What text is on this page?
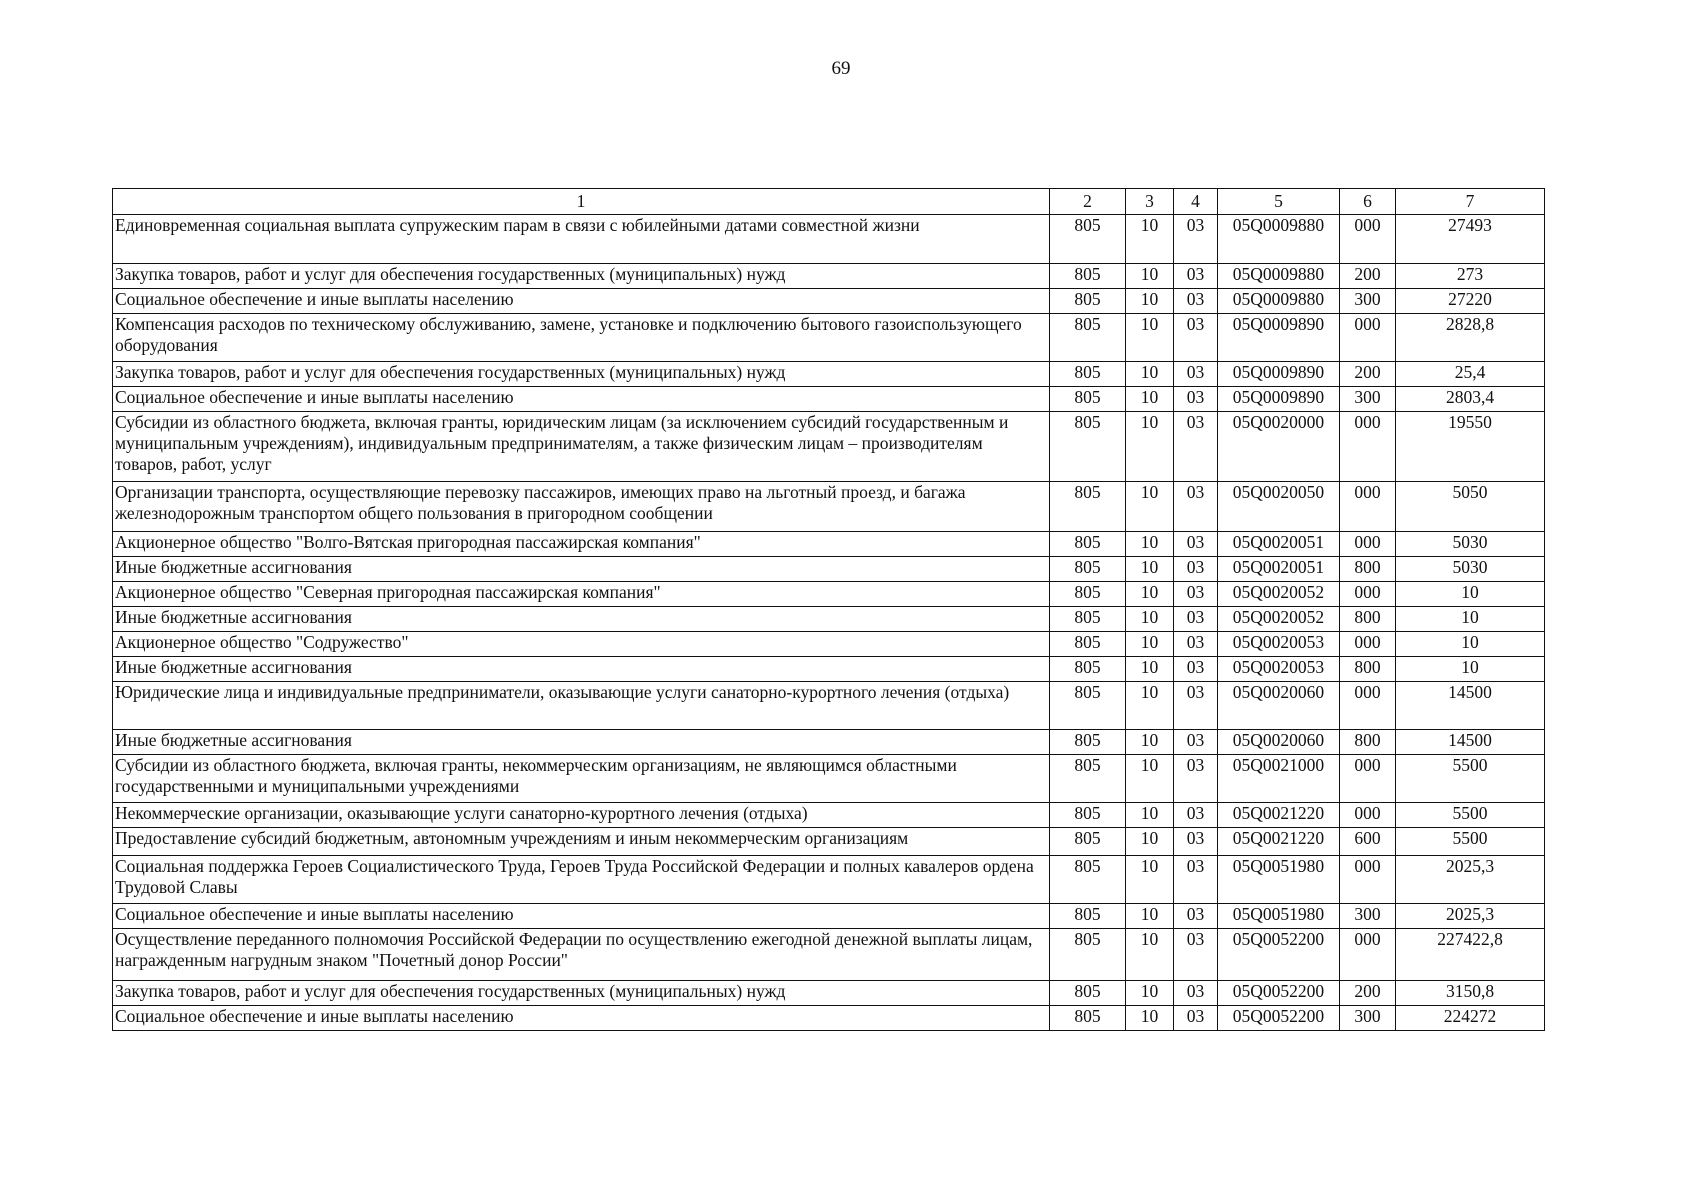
69
1	2	3	4	5	6	7
Единовременная социальная выплата супружеским парам в связи с юбилейными датами совместной жизни	805	10	03	05Q0009880	000	27493
Закупка товаров, работ и услуг для обеспечения государственных (муниципальных) нужд	805	10	03	05Q0009880	200	273
Социальное обеспечение и иные выплаты населению	805	10	03	05Q0009880	300	27220
Компенсация расходов по техническому обслуживанию, замене, установке и подключению бытового газоиспользующего оборудования	805	10	03	05Q0009890	000	2828,8
Закупка товаров, работ и услуг для обеспечения государственных (муниципальных) нужд	805	10	03	05Q0009890	200	25,4
Социальное обеспечение и иные выплаты населению	805	10	03	05Q0009890	300	2803,4
Субсидии из областного бюджета, включая гранты, юридическим лицам (за исключением субсидий государственным и муниципальным учреждениям), индивидуальным предпринимателям, а также физическим лицам – производителям товаров, работ, услуг	805	10	03	05Q0020000	000	19550
Организации транспорта, осуществляющие перевозку пассажиров, имеющих право на льготный проезд, и багажа железнодорожным транспортом общего пользования в пригородном сообщении	805	10	03	05Q0020050	000	5050
Акционерное общество "Волго-Вятская пригородная пассажирская компания"	805	10	03	05Q0020051	000	5030
Иные бюджетные ассигнования	805	10	03	05Q0020051	800	5030
Акционерное общество "Северная пригородная пассажирская компания"	805	10	03	05Q0020052	000	10
Иные бюджетные ассигнования	805	10	03	05Q0020052	800	10
Акционерное общество "Содружество"	805	10	03	05Q0020053	000	10
Иные бюджетные ассигнования	805	10	03	05Q0020053	800	10
Юридические лица и индивидуальные предприниматели, оказывающие услуги санаторно-курортного лечения (отдыха)	805	10	03	05Q0020060	000	14500
Иные бюджетные ассигнования	805	10	03	05Q0020060	800	14500
Субсидии из областного бюджета, включая гранты, некоммерческим организациям, не являющимся областными государственными и муниципальными учреждениями	805	10	03	05Q0021000	000	5500
Некоммерческие организации, оказывающие услуги санаторно-курортного лечения (отдыха)	805	10	03	05Q0021220	000	5500
Предоставление субсидий бюджетным, автономным учреждениям и иным некоммерческим организациям	805	10	03	05Q0021220	600	5500
Социальная поддержка Героев Социалистического Труда, Героев Труда Российской Федерации и полных кавалеров ордена Трудовой Славы	805	10	03	05Q0051980	000	2025,3
Социальное обеспечение и иные выплаты населению	805	10	03	05Q0051980	300	2025,3
Осуществление переданного полномочия Российской Федерации по осуществлению ежегодной денежной выплаты лицам, награжденным нагрудным знаком "Почетный донор России"	805	10	03	05Q0052200	000	227422,8
Закупка товаров, работ и услуг для обеспечения государственных (муниципальных) нужд	805	10	03	05Q0052200	200	3150,8
Социальное обеспечение и иные выплаты населению	805	10	03	05Q0052200	300	224272
